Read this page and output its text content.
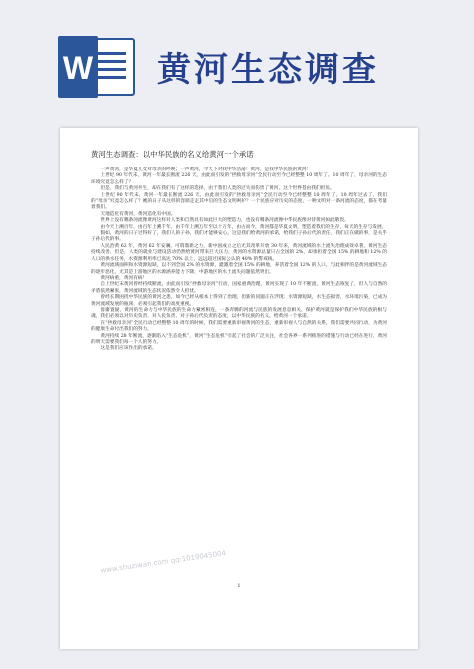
W 黄河生态调查
黄河生态调查：以中华民族的名义给黄河一个承诺

一声黄河，是华夏儿女对母亲的呼唤；一声黄河，今天下对我中华浩荡！黄河，是我中华民族的黄河！

上世纪 90 年代末，黄河一年最长断流 226 天，由此而引发的“拯救母亲河”全民行动至今已经整整 10 周年了。10 周年了，母亲河的生态环境究竟怎么样了？

但是，我们与黄河共生，却在我们有了这样的选择，由于我们人类的过失而伤害了黄河，这个世界苍由我们担负。

上世纪 90 年代末，黄河一年最长断流 226 天，由此而引发的“拯救母亲河”全民行动至今已经整整 10 周年了。10 周年过去了，我们的“母亲”究竟怎么样了？她的日子从这样的容颜走走其中启的生态文明呵护？一个民族应对历史的态度，一种文明对一条河流的态度，都在考量着我们。

天地造化有黄河，黄河造化有中国。

世界上没有哪条河流像黄河这样对人类和自然具有如此巨大的塑造力，也没有哪条河流像中华民族像对待黄河如此敬畏。

由今天上溯百年，由百年上溯千年，由千年上溯万年至以十万年，由古而今，黄河都是华夏文明，塑造着我们的生存，每天的生存与发展。

假如，黄河的日子过得好了，我们人的子孙，我们才能够安心。这是我们给黄河的承诺，给我们子孙后代的责任，我们正在做的事，是关乎子孙后代的事。

人民治黄 62 年，黄河 62 年安澜。可谓鼎新之力，新中国成立之后尤其改革开放 30 年来，黄河流域的水土流失治理成效卓著，黄河生态持续改善，但是，人类的就业与建设活动仍然给黄河带来巨大压力，黄河的水资源总量只占全国的 2%，却承担着全国 15% 的耕地和 12% 的人口的供水任务，水资源利用率已高达 70% 以上，远远超过国际公认的 40% 的警戒线。

黄河流域面积和水资源短缺，以不到全国 2% 的水资源，灌溉着全国 15% 的耕地，养活着全国 12% 的人口，与此相伴的是黄河流域生态的逐步恶化，尤其是上游地区的水源涵养能力下降，中游地区的水土流失问题依然突出。

黄河病重，黄河有病！

自上世纪末黄河曾经持续断流，由此而引发“拯救母亲河”行动，国家重典治理，黄河实现了 10 年不断流，黄河生态恢复了，但人与自然的矛盾依然紧张，黄河流域的生态状况依然令人担忧。

曾经长期困扰中华民族的黄河之患，如今已经从根本上得到了治理，但新的问题正在浮现：水资源短缺，水生态损害，水环境污染，已成为黄河流域发展的瓶颈，必须引起我们的高度重视。

毋庸置疑，黄河的生命力与中华民族的生命力紧密相连，一条奔腾的河流与民族的发展息息相关，保护黄河就是保护我们中华民族的根与魂，我们必须以对历史负责、对人民负责、对子孙后代负责的态度，以中华民族的名义，给黄河一个承诺。

在“拯救母亲河”全民行动已经整整 10 周年的时候，我们需要重新审视黄河的生态，重新审视人与自然的关系，我们需要共同行动，为黄河的健康生命付出我们的努力。

黄河持续 28 年断流，逐渐陷入“生态危机”，黄河“生态危机”引起了社会的广泛关注，社会各界一系列推进的措施与行动已经在进行，黄河的明天需要我们每一个人的努力。

这是我们应该作出的承诺。

www.shuziwan.com qq:1019045004
1
